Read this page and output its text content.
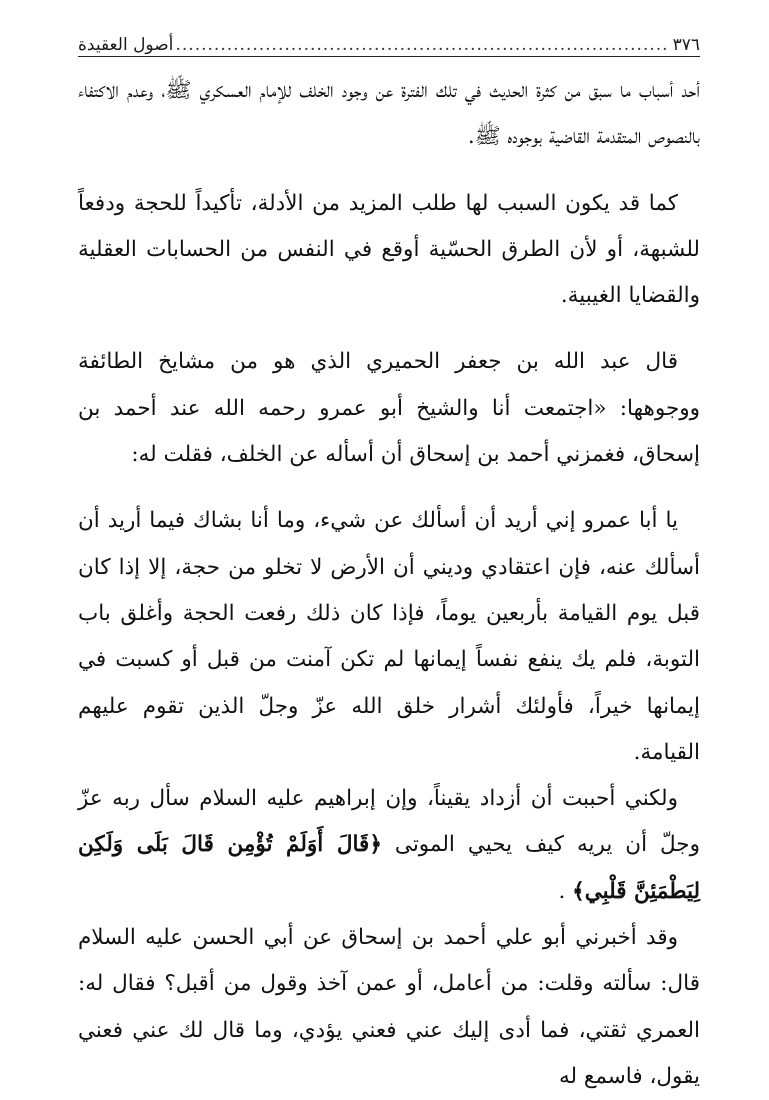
٣٧٦
.....
أصول العقيدة

أحد أسباب ما سبق من كثرة الحديث في تلك الفترة عن وجود الخلف للإمام العسكري ﷺ، وعدم الاكتفاء بالنصوص المتقدمة القاضية بوجوده ﷺ.

كما قد يكون السبب لها طلب المزيد من الأدلة، تأكيداً للحجة ودفعاً للشبهة، أو لأن الطرق الحسّية أوقع في النفس من الحسابات العقلية والقضايا الغيبية.

قال عبد الله بن جعفر الحميري الذي هو من مشايخ الطائفة ووجوهها: «اجتمعت أنا والشيخ أبو عمرو رحمه الله عند أحمد بن إسحاق، فغمزني أحمد بن إسحاق أن أسأله عن الخلف، فقلت له:

يا أبا عمرو إني أريد أن أسألك عن شيء، وما أنا بشاك فيما أريد أن أسألك عنه، فإن اعتقادي وديني أن الأرض لا تخلو من حجة، إلا إذا كان قبل يوم القيامة بأربعين يوماً، فإذا كان ذلك رفعت الحجة وأغلق باب التوبة، فلم يك ينفع نفساً إيمانها لم تكن آمنت من قبل أو كسبت في إيمانها خيراً، فأولئك أشرار خلق الله عزّ وجلّ الذين تقوم عليهم القيامة.

ولكني أحببت أن أزداد يقيناً، وإن إبراهيم عليه السلام سأل ربه عزّ وجلّ أن يريه كيف يحيي الموتى ﴿قَالَ أَوَلَمْ تُؤْمِن قَالَ بَلَى وَلَكِن لِيَطْمَئِنَّ قَلْبِي﴾ .

وقد أخبرني أبو علي أحمد بن إسحاق عن أبي الحسن عليه السلام قال: سألته وقلت: من أعامل، أو عمن آخذ وقول من أقبل؟ فقال له: العمري ثقتي، فما أدى إليك عني فعني يؤدي، وما قال لك عني فعني يقول، فاسمع له
